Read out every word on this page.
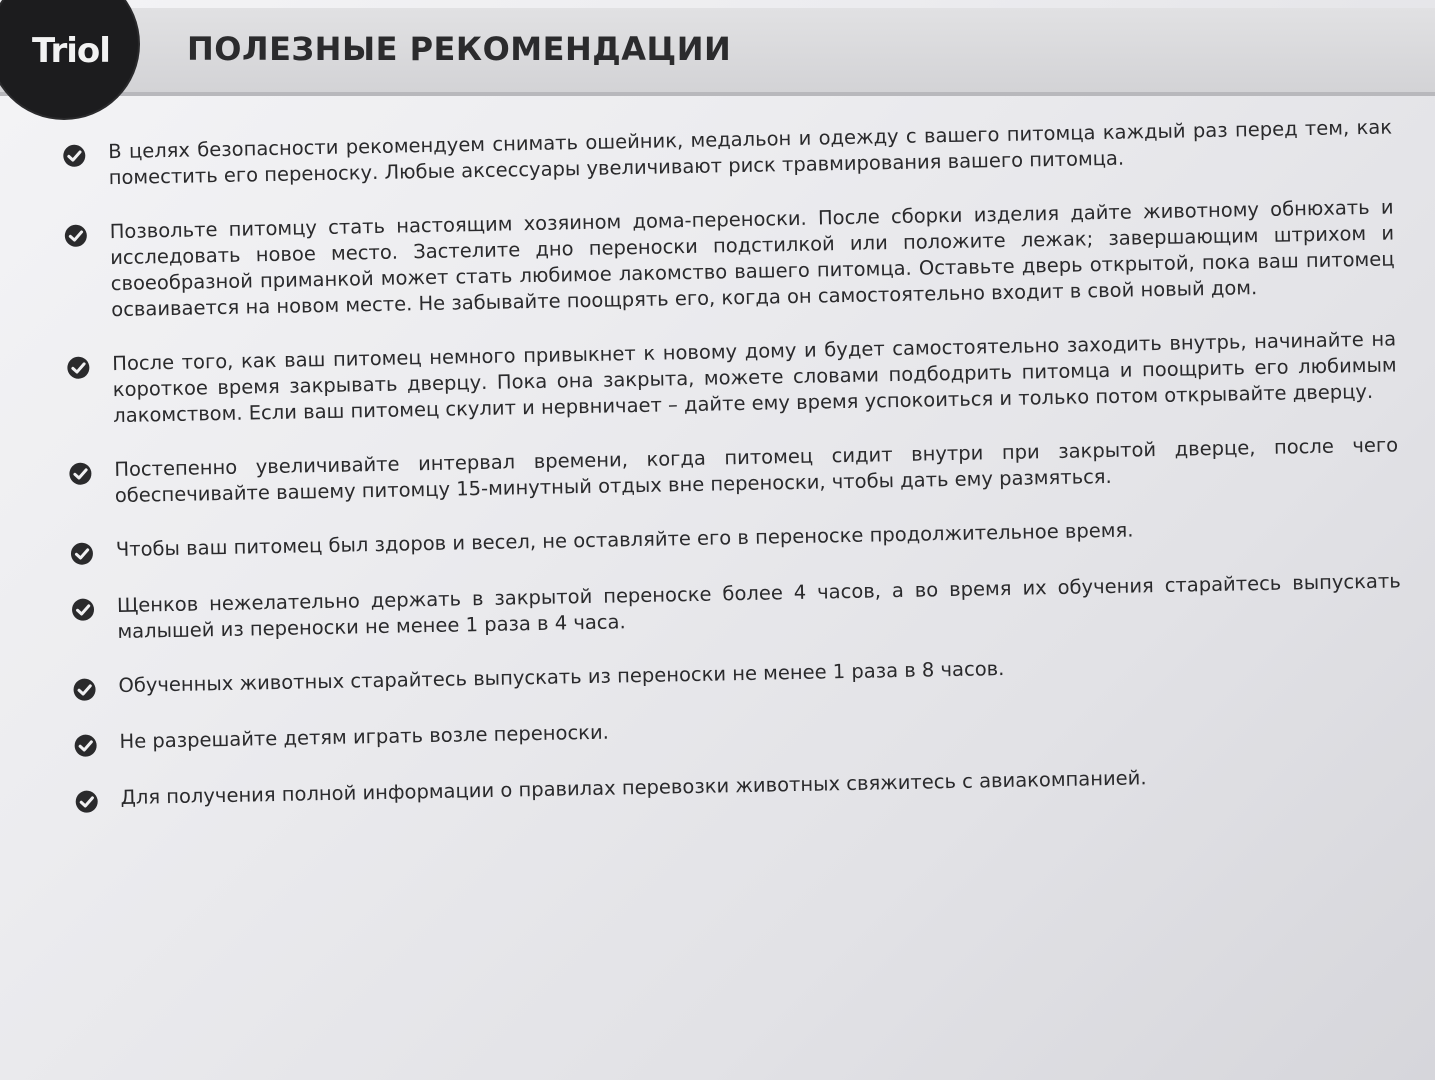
Triol ПОЛЕЗНЫЕ РЕКОМЕНДАЦИИ
В целях безопасности рекомендуем снимать ошейник, медальон и одежду с вашего питомца каждый раз перед тем, как поместить его переноску. Любые аксессуары увеличивают риск травмирования вашего питомца.
Позвольте питомцу стать настоящим хозяином дома-переноски. После сборки изделия дайте животному обнюхать и исследовать новое место. Застелите дно переноски подстилкой или положите лежак; завершающим штрихом и своеобразной приманкой может стать любимое лакомство вашего питомца. Оставьте дверь открытой, пока ваш питомец осваивается на новом месте. Не забывайте поощрять его, когда он самостоятельно входит в свой новый дом.
После того, как ваш питомец немного привыкнет к новому дому и будет самостоятельно заходить внутрь, начинайте на короткое время закрывать дверцу. Пока она закрыта, можете словами подбодрить питомца и поощрить его любимым лакомством. Если ваш питомец скулит и нервничает – дайте ему время успокоиться и только потом открывайте дверцу.
Постепенно увеличивайте интервал времени, когда питомец сидит внутри при закрытой дверце, после чего обеспечивайте вашему питомцу 15-минутный отдых вне переноски, чтобы дать ему размяться.
Чтобы ваш питомец был здоров и весел, не оставляйте его в переноске продолжительное время.
Щенков нежелательно держать в закрытой переноске более 4 часов, а во время их обучения старайтесь выпускать малышей из переноски не менее 1 раза в 4 часа.
Обученных животных старайтесь выпускать из переноски не менее 1 раза в 8 часов.
Не разрешайте детям играть возле переноски.
Для получения полной информации о правилах перевозки животных свяжитесь с авиакомпанией.
